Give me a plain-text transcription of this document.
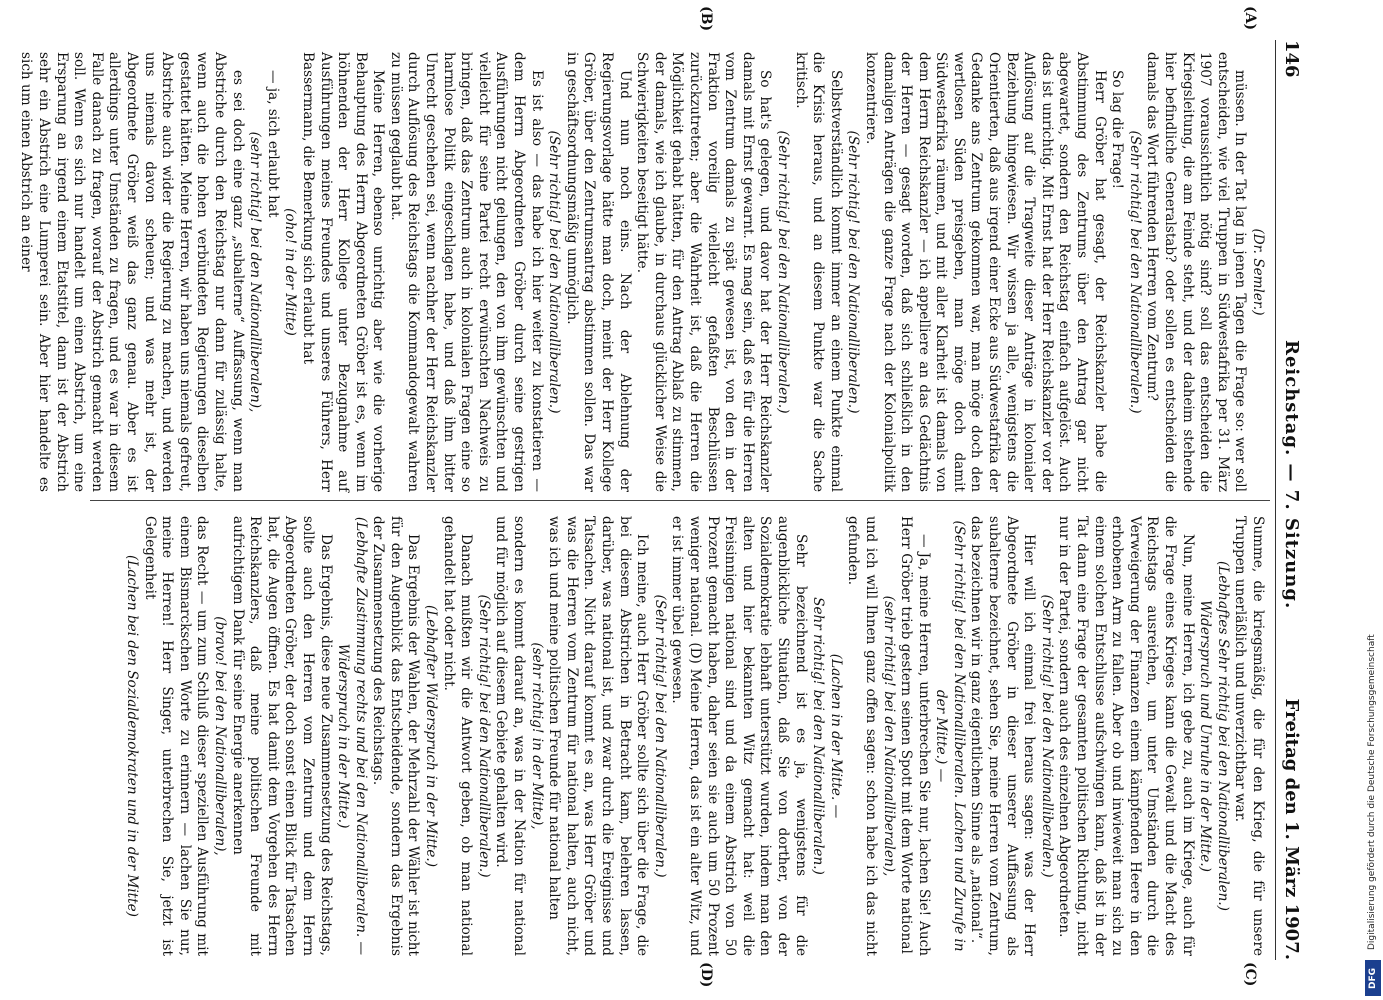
146
Reichstag. — 7. Sitzung.
Freitag den 1. März 1907.
(A)
(B)
(C)
(D)

(Dr. Semler.)

müssen. In der Tat lag in jenen Tagen die Frage so: wer soll entscheiden, wie viel Truppen in Südwestafrika per 31. März 1907 voraussichtlich nötig sind? soll das entscheiden die Kriegsleitung, die am Feinde steht, und der daheim stehende hier befindliche Generalstab? oder sollen es entscheiden die damals das Wort führenden Herren vom Zentrum?

(Sehr richtig! bei den Nationalliberalen.)

So lag die Frage!

Herr Gröber hat gesagt, der Reichskanzler habe die Abstimmung des Zentrums über den Antrag gar nicht abgewartet, sondern den Reichstag einfach aufgelöst. Auch das ist unrichtig. Mit Ernst hat der Herr Reichskanzler vor der Auflösung auf die Tragweite dieser Anträge in kolonialer Beziehung hingewiesen. Wir wissen ja alle, wenigstens die Orientierten, daß aus irgend einer Ecke aus Südwestafrika der Gedanke ans Zentrum gekommen war, man möge doch den wertlosen Süden preisgeben, man möge doch damit Südwestafrika räumen, und mit aller Klarheit ist damals von dem Herrn Reichskanzler — ich appelliere an das Gedächtnis der Herren — gesagt worden, daß sich schließlich in den damaligen Anträgen die ganze Frage nach der Kolonialpolitik konzentriere.

(Sehr richtig! bei den Nationalliberalen.)

Selbstverständlich kommt immer an einem Punkte einmal die Krisis heraus, und an diesem Punkte war die Sache kritisch.

(Sehr richtig! bei den Nationalliberalen.)

So hat's gelegen, und davor hat der Herr Reichskanzler damals mit Ernst gewarnt. Es mag sein, daß es für die Herren vom Zentrum damals zu spät gewesen ist, von den in der Fraktion voreilig vielleicht gefaßten Beschlüssen zurückzutreten; aber die Wahrheit ist, daß die Herren die Möglichkeit gehabt hätten, für den Antrag Ablaß zu stimmen, der damals, wie ich glaube, in durchaus glücklicher Weise die Schwierigkeiten beseitigt hätte.

Und nun noch eins. Nach der Ablehnung der Regierungsvorlage hätte man doch, meint der Herr Kollege Gröber, über den Zentrumsantrag abstimmen sollen. Das war in geschäftsordnungsmäßig unmöglich.

(Sehr richtig! bei den Nationalliberalen.)

Es ist also — das habe ich hier weiter zu konstatieren — dem Herrn Abgeordneten Gröber durch seine gestrigen Ausführungen nicht gelungen, den von ihm gewünschten und vielleicht für seine Partei recht erwünschten Nachweis zu bringen, daß das Zentrum auch in kolonialen Fragen eine so harmlose Politik eingeschlagen habe, und daß ihm bitter Unrecht geschehen sei, wenn nachher der Herr Reichskanzler durch Auflösung des Reichstags die Kommandogewalt wahren zu müssen geglaubt hat.

Meine Herren, ebenso unrichtig aber wie die vorherige Behauptung des Herrn Abgeordneten Gröber ist es, wenn im höhnenden der Herr Kollege unter Bezugnahme auf Ausführungen meines Freundes und unseres Führers, Herr Bassermann, die Bemerkung sich erlaubt hat

(oho! in der Mitte)

— ja, sich erlaubt hat

(sehr richtig! bei den Nationalliberalen),

es sei doch eine ganz „subalterne“ Auffassung, wenn man Abstriche durch den Reichstag nur dann für zulässig halte, wenn auch die hohen verbündeten Regierungen dieselben gestattet hätten. Meine Herren, wir haben uns niemals gefreut, Abstriche auch wider die Regierung zu machen, und werden uns niemals davon scheuen; und was mehr ist, der Abgeordnete Gröber weiß das ganz genau. Aber es ist allerdings unter Umständen zu fragen, und es war in diesem Falle danach zu fragen, worauf der Abstrich gemacht werden soll. Wenn es sich nur handelt um einen Abstrich, um eine Ersparung an irgend einem Etatstitel, dann ist der Abstrich sehr ein Abstrich eine Lumperei sein. Aber hier handelte es sich um einen Abstrich an einer

Summe, die kriegsmäßig, die für den Krieg, die für unsere Truppen unerläßlich und unverzichtbar war.

(Lebhaftes Sehr richtig bei den Nationalliberalen.)

Widerspruch und Unruhe in der Mitte.)

Nun, meine Herren, ich gebe zu, auch im Kriege, auch für die Frage eines Krieges kann die Gewalt und die Macht des Reichstags ausreichen, um unter Umständen durch die Verweigerung der Finanzen einem kämpfenden Heere in den erhobenen Arm zu fallen. Aber ob und inwieweit man sich zu einem solchen Entschlusse aufschwingen kann, daß ist in der Tat dann eine Frage der gesamten politischen Richtung, nicht nur in der Partei, sondern auch des einzelnen Abgeordneten.

(Sehr richtig! bei den Nationalliberalen.)

Hier will ich einmal frei heraus sagen: was der Herr Abgeordnete Gröber in dieser unserer Auffassung als subalterne bezeichnet, sehen Sie, meine Herren vom Zentrum, das bezeichnen wir in ganz eigentlichem Sinne als „national“.

(Sehr richtig! bei den Nationalliberalen. Lachen und Zurufe in der Mitte.) —

— Ja, meine Herren, unterbrechen Sie nur, lachen Sie! Auch Herr Gröber trieb gestern seinen Spott mit dem Worte national

(sehr richtig! bei den Nationalliberalen),

und ich will Ihnen ganz offen sagen: schon habe ich das nicht gefunden.

(Lachen in der Mitte. —

Sehr richtig! bei den Nationalliberalen.)

Sehr bezeichnend ist es ja, wenigstens für die augenblickliche Situation, daß Sie von dorther, von der Sozialdemokratie lebhaft unterstützt wurden, indem man den alten und hier bekannten Witz gemacht hat: weil die Freisinnigen national sind und da einem Abstrich von 50 Prozent gemacht haben, daher seien sie auch um 50 Prozent weniger national. (D) Meine Herren, das ist ein alter Witz, und er ist immer übel gewesen.

(Sehr richtig! bei den Nationalliberalen.)

Ich meine, auch Herr Gröber sollte sich über die Frage, die bei diesem Abstrichen in Betracht kam, belehren lassen, darüber, was national ist, und zwar durch die Ereignisse und Tatsachen. Nicht darauf kommt es an, was Herr Gröber und was die Herren vom Zentrum für national halten, auch nicht, was ich und meine politischen Freunde für national halten

(sehr richtig! in der Mitte),

sondern es kommt darauf an, was in der Nation für national und für möglich auf diesem Gebiete gehalten wird.

(Sehr richtig! bei den Nationalliberalen.)

Danach mußten wir die Antwort geben, ob man national gehandelt hat oder nicht.

(Lebhafter Widerspruch in der Mitte.)

Das Ergebnis der Wahlen, der Mehrzahl der Wähler ist nicht für den Augenblick das Entscheidende, sondern das Ergebnis der Zusammensetzung des Reichstags.

(Lebhafte Zustimmung rechts und bei den Nationalliberalen. — Widerspruch in der Mitte.)

Das Ergebnis, diese neue Zusammensetzung des Reichstags, sollte auch den Herren vom Zentrum und dem Herrn Abgeordneten Gröber, der doch sonst einen Blick für Tatsachen hat, die Augen öffnen. Es hat damit dem Vorgehen des Herrn Reichskanzlers, daß meine politischen Freunde mit aufrichtigem Dank für seine Energie anerkennen

(bravo! bei den Nationalliberalen),

das Recht — um zum Schluß dieser speziellen Ausführung mit einem Bismarckschen Worte zu erinnern — lachen Sie nur, meine Herren! Herr Singer, unterbrechen Sie, jetzt ist Gelegenheit

(Lachen bei den Sozialdemokraten und in der Mitte)	Digitalisierung gefördert durch die Deutsche Forschungsgemeinschaft
DFG
